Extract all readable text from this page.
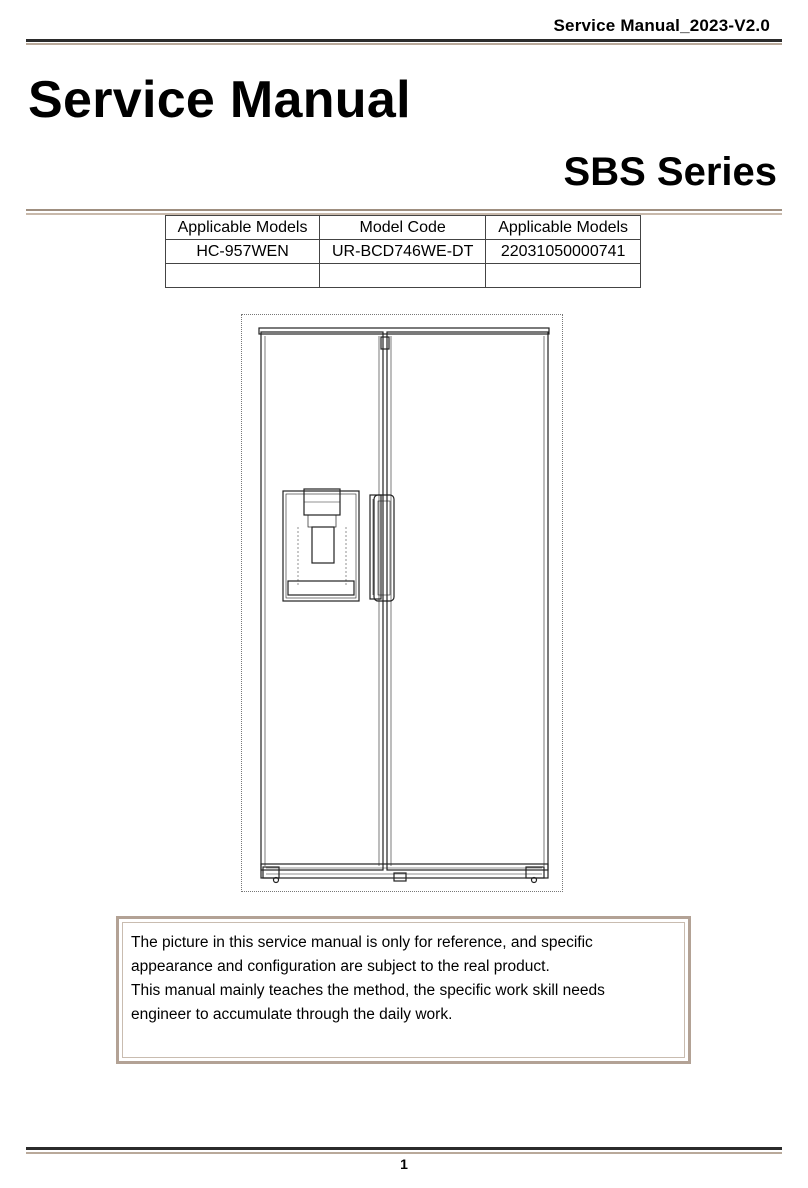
Service Manual_2023-V2.0
Service Manual
SBS Series
Applicable Models	Model Code	Applicable Models
HC-957WEN	UR-BCD746WE-DT	22031050000741

The picture in this service manual is only for reference, and specific

appearance and configuration are subject to the real product.

This manual mainly teaches the method, the specific work skill needs

engineer to accumulate through the daily work.

1
